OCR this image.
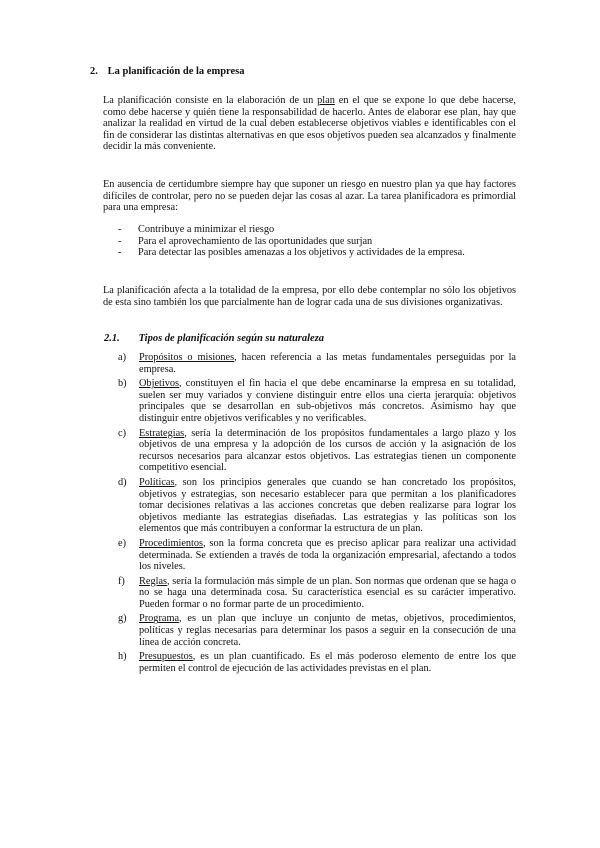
2. La planificación de la empresa

La planificación consiste en la elaboración de un plan en el que se expone lo que debe hacerse, como debe hacerse y quién tiene la responsabilidad de hacerlo. Antes de elaborar ese plan, hay que analizar la realidad en virtud de la cual deben establecerse objetivos viables e identificables con el fin de considerar las distintas alternativas en que esos objetivos pueden sea alcanzados y finalmente decidir la más conveniente.

En ausencia de certidumbre siempre hay que suponer un riesgo en nuestro plan ya que hay factores difíciles de controlar, pero no se pueden dejar las cosas al azar. La tarea planificadora es primordial para una empresa:

- Contribuye a minimizar el riesgo
- Para el aprovechamiento de las oportunidades que surjan
- Para detectar las posibles amenazas a los objetivos y actividades de la empresa.

La planificación afecta a la totalidad de la empresa, por ello debe contemplar no sólo los objetivos de esta sino también los que parcialmente han de lograr cada una de sus divisiones organizativas.

2.1. Tipos de planificación según su naturaleza
a) Propósitos o misiones, hacen referencia a las metas fundamentales perseguidas por la empresa.
b) Objetivos, constituyen el fin hacia el que debe encaminarse la empresa en su totalidad, suelen ser muy variados y conviene distinguir entre ellos una cierta jerarquía: objetivos principales que se desarrollan en sub-objetivos más concretos. Asimismo hay que distinguir entre objetivos verificables y no verificables.
c) Estrategias, sería la determinación de los propósitos fundamentales a largo plazo y los objetivos de una empresa y la adopción de los cursos de acción y la asignación de los recursos necesarios para alcanzar estos objetivos. Las estrategias tienen un componente competitivo esencial.
d) Políticas, son los principios generales que cuando se han concretado los propósitos, objetivos y estrategias, son necesario establecer para que permitan a los planificadores tomar decisiones relativas a las acciones concretas que deben realizarse para lograr los objetivos mediante las estrategias diseñadas. Las estrategias y las políticas son los elementos que más contribuyen a conformar la estructura de un plan.
e) Procedimientos, son la forma concreta que es preciso aplicar para realizar una actividad determinada. Se extienden a través de toda la organización empresarial, afectando a todos los niveles.
f) Reglas, sería la formulación más simple de un plan. Son normas que ordenan que se haga o no se haga una determinada cosa. Su característica esencial es su carácter imperativo. Pueden formar o no formar parte de un procedimiento.
g) Programa, es un plan que incluye un conjunto de metas, objetivos, procedimientos, políticas y reglas necesarias para determinar los pasos a seguir en la consecución de una línea de acción concreta.
h) Presupuestos, es un plan cuantificado. Es el más poderoso elemento de entre los que permiten el control de ejecución de las actividades previstas en el plan.
